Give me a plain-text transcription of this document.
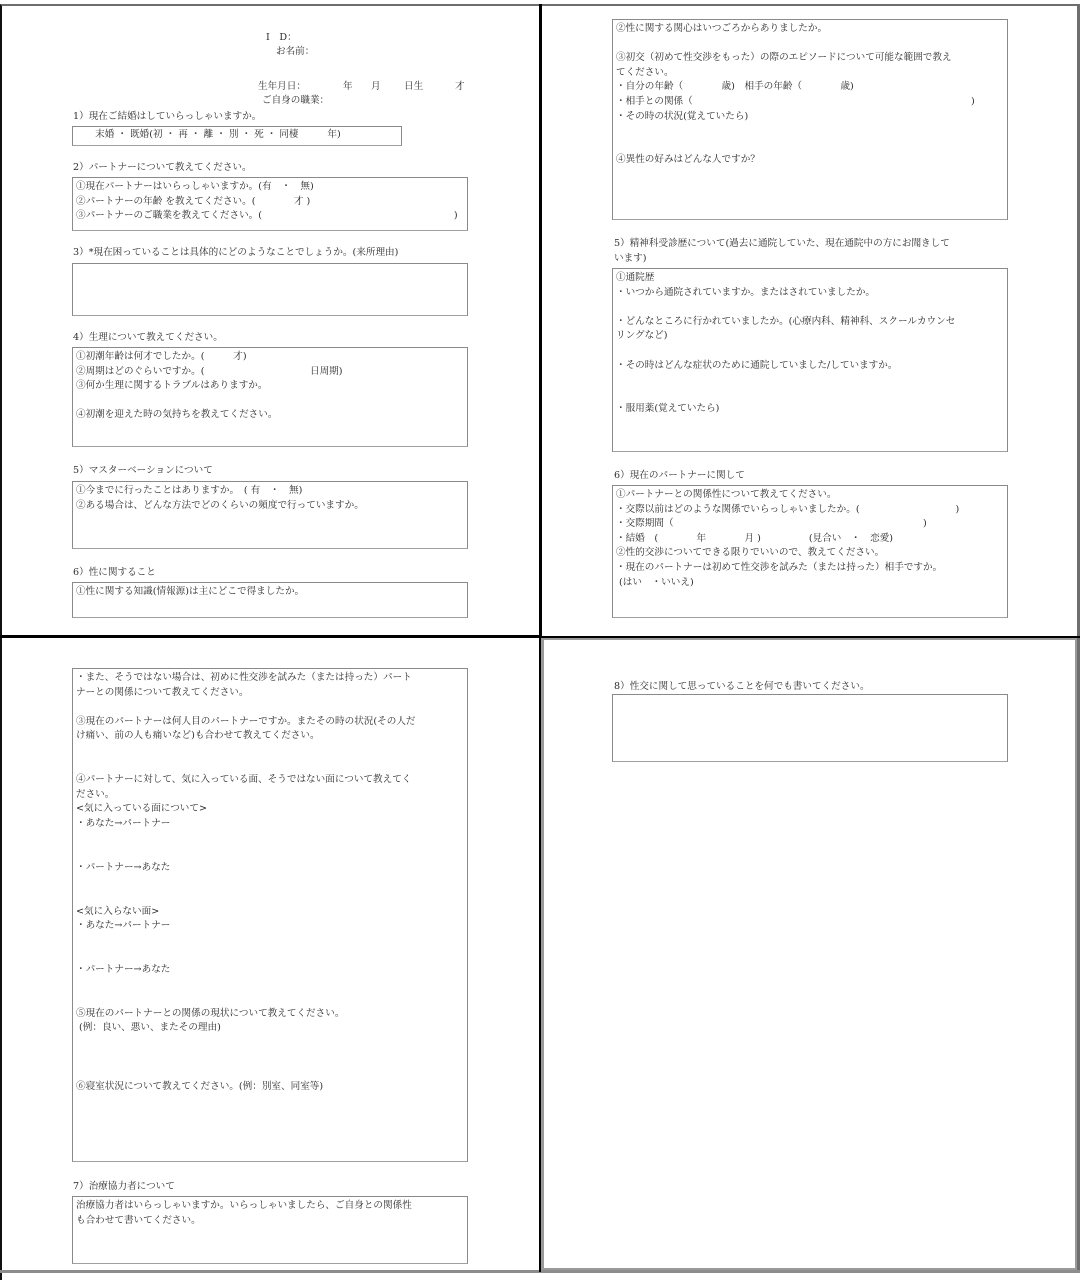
I　D：
お名前：
生年月日：	年 月 日生	才
ご自身の職業：
1）現在ご結婚はしていらっしゃいますか。
　　末婚 ・ 既婚(初 ・ 再 ・ 離 ・ 別 ・ 死 ・ 同棲　　　年)
2）パートナーについて教えてください。
①現在パートナーはいらっしゃいますか。(有　・　無)
②パートナーの年齢 を教えてください。(　　　　才 )
③パートナーのご職業を教えてください。(　　　　　　　　　　　　　　　　　　　　)
3）*現在困っていることは具体的にどのようなことでしょうか。(来所理由)
4）生理について教えてください。
①初潮年齢は何才でしたか。(　　　才)
②周期はどのぐらいですか。(　　　　　　　　　　　日周期)
③何か生理に関するトラブルはありますか。
④初潮を迎えた時の気持ちを教えてください。
5）マスターベーションについて
①今までに行ったことはありますか。　( 有　・　無)
②ある場合は、どんな方法でどのくらいの頻度で行っていますか。
6）性に関すること
①性に関する知識(情報源)は主にどこで得ましたか。
②性に関する関心はいつごろからありましたか。
③初交（初めて性交渉をもった）の際のエピソードについて可能な範囲で教え
てください。
・自分の年齢（　　　　歳)　相手の年齢（　　　　歳)
・相手との関係（　　　　　　　　　　　　　　　　　　　　　　　　　　　　　)
・その時の状況(覚えていたら)
④異性の好みはどんな人ですか？
5）精神科受診歴について(過去に通院していた、現在通院中の方にお聞きして
います)
①通院歴
・いつから通院されていますか。またはされていましたか。
・どんなところに行かれていましたか。(心療内科、精神科、スクールカウンセ
リングなど)
・その時はどんな症状のために通院していました/していますか。
・服用薬(覚えていたら)
6）現在のパートナーに関して
①パートナーとの関係性について教えてください。
・交際以前はどのような関係でいらっしゃいましたか。(　　　　　　　　　　)
・交際期間（　　　　　　　　　　　　　　　　　　　　　　　　　　)
・結婚　(　　　　年　　　　月 )　　　　　(見合い　・　恋愛)
②性的交渉についてできる限りでいいので、教えてください。
・現在のパートナーは初めて性交渉を試みた（または持った）相手ですか。
(はい　・いいえ)
・また、そうではない場合は、初めに性交渉を試みた（または持った）パート
ナーとの関係について教えてください。
③現在のパートナーは何人目のパートナーですか。またその時の状況(その人だ
け痛い、前の人も痛いなど)も合わせて教えてください。
④パートナーに対して、気に入っている面、そうではない面について教えてく
ださい。
<気に入っている面について>
・あなた→パートナー
・パートナー→あなた
<気に入らない面>
・あなた→パートナー
・パートナー→あなた
⑤現在のパートナーとの関係の現状について教えてください。
(例：良い、悪い、またその理由)
⑥寝室状況について教えてください。(例：別室、同室等)
7）治療協力者について
治療協力者はいらっしゃいますか。いらっしゃいましたら、ご自身との関係性
も合わせて書いてください。
8）性交に関して思っていることを何でも書いてください。
